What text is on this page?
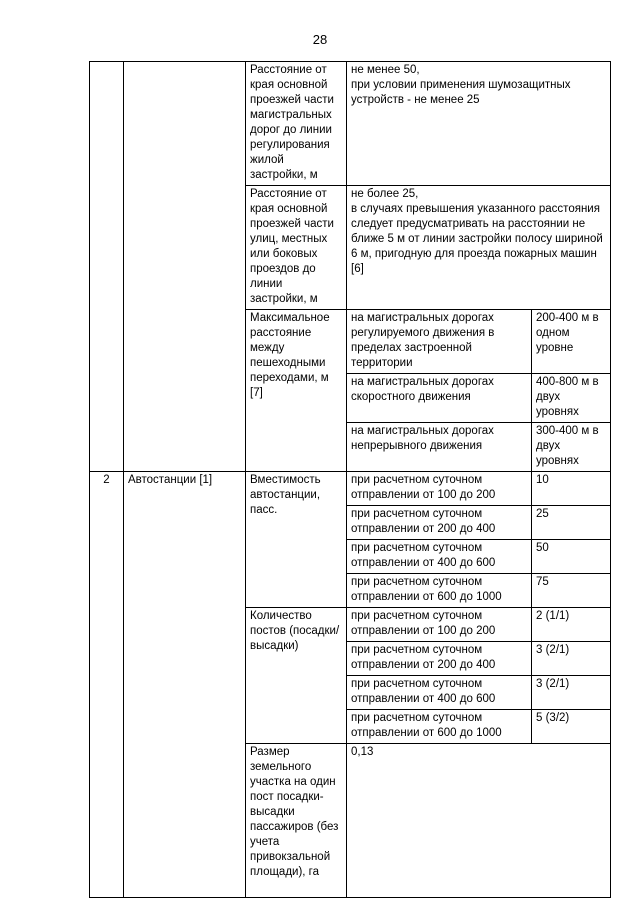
28
		Расстояние от края основной проезжей части магистральных дорог до линии регулирования жилой застройки, м	не менее 50,
при условии применения шумозащитных устройств - не менее 25	
		Расстояние от края основной проезжей части улиц, местных или боковых проездов до линии застройки, м	не более 25,
в случаях превышения указанного расстояния следует предусматривать на расстоянии не ближе 5 м от линии застройки полосу шириной 6 м, пригодную для проезда пожарных машин [6]	
		Максимальное расстояние между пешеходными переходами, м [7]	на магистральных дорогах регулируемого движения в пределах застроенной территории	200-400 м в одном уровне
			на магистральных дорогах скоростного движения	400-800 м в двух уровнях
			на магистральных дорогах непрерывного движения	300-400 м в двух уровнях
2	Автостанции [1]	Вместимость автостанции, пасс.	при расчетном суточном отправлении от 100 до 200	10
			при расчетном суточном отправлении от 200 до 400	25
			при расчетном суточном отправлении от 400 до 600	50
			при расчетном суточном отправлении от 600 до 1000	75
		Количество постов (посадки/ высадки)	при расчетном суточном отправлении от 100 до 200	2 (1/1)
			при расчетном суточном отправлении от 200 до 400	3 (2/1)
			при расчетном суточном отправлении от 400 до 600	3 (2/1)
			при расчетном суточном отправлении от 600 до 1000	5 (3/2)
		Размер земельного участка на один пост посадки-высадки пассажиров (без учета привокзальной площади), га	0,13	
